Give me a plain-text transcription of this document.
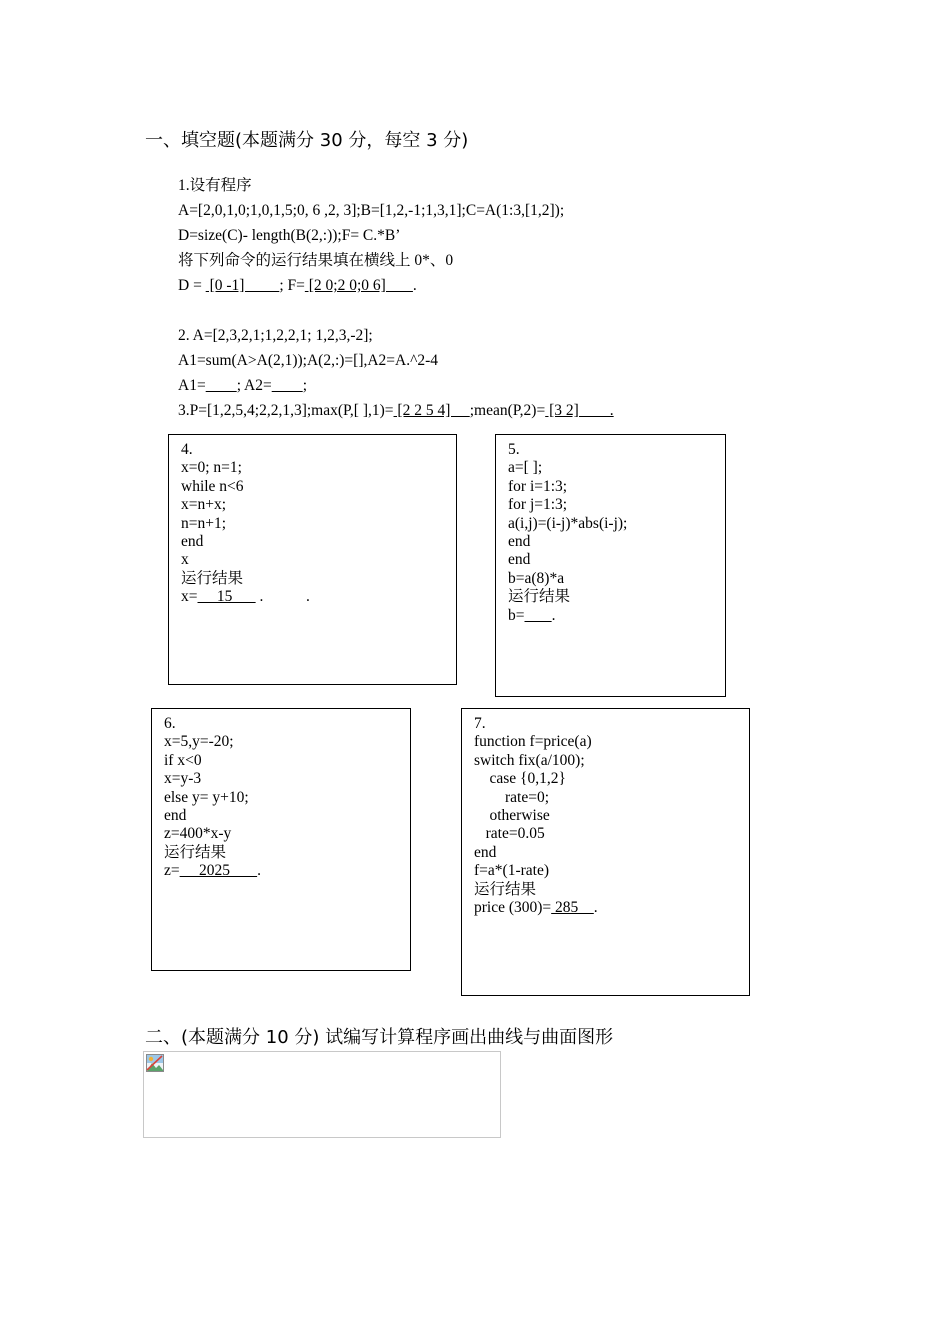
一、填空题(本题满分 30 分，每空 3 分)
1.设有程序
A=[2,0,1,0;1,0,1,5;0, 6 ,2, 3];B=[1,2,-1;1,3,1];C=A(1:3,[1,2]);
D=size(C)- length(B(2,:));F= C.*B’
将下列命令的运行结果填在横线上 0*、0
D =  [0 -1]         ; F= [2 0;2 0;0 6]       .
2. A=[2,3,2,1;1,2,2,1; 1,2,3,-2];
A1=sum(A>A(2,1));A(2,:)=[],A2=A.^2-4
A1= ; A2= ;
3.P=[1,2,5,4;2,2,1,3];max(P,[ ],1)= [2 2 5 4]     ;mean(P,2)= [3 2]        .
4.
x=0; n=1;
while n<6
x=n+x;
n=n+1;
end
x
运行结果
x=     15       .           .
5.
a=[ ];
for i=1:3;
for j=1:3;
a(i,j)=(i-j)*abs(i-j);
end
end
b=a(8)*a
运行结果
b= .
6.
x=5,y=-20;
if x<0
x=y-3
else y= y+10;
end
z=400*x-y
运行结果
z=     2025       .
7.
function f=price(a)
switch fix(a/100);
case {0,1,2}
rate=0;
otherwise
rate=0.05
end
f=a*(1-rate)
运行结果
price (300)= 285    .
二、(本题满分 10 分) 试编写计算程序画出曲线与曲面图形
